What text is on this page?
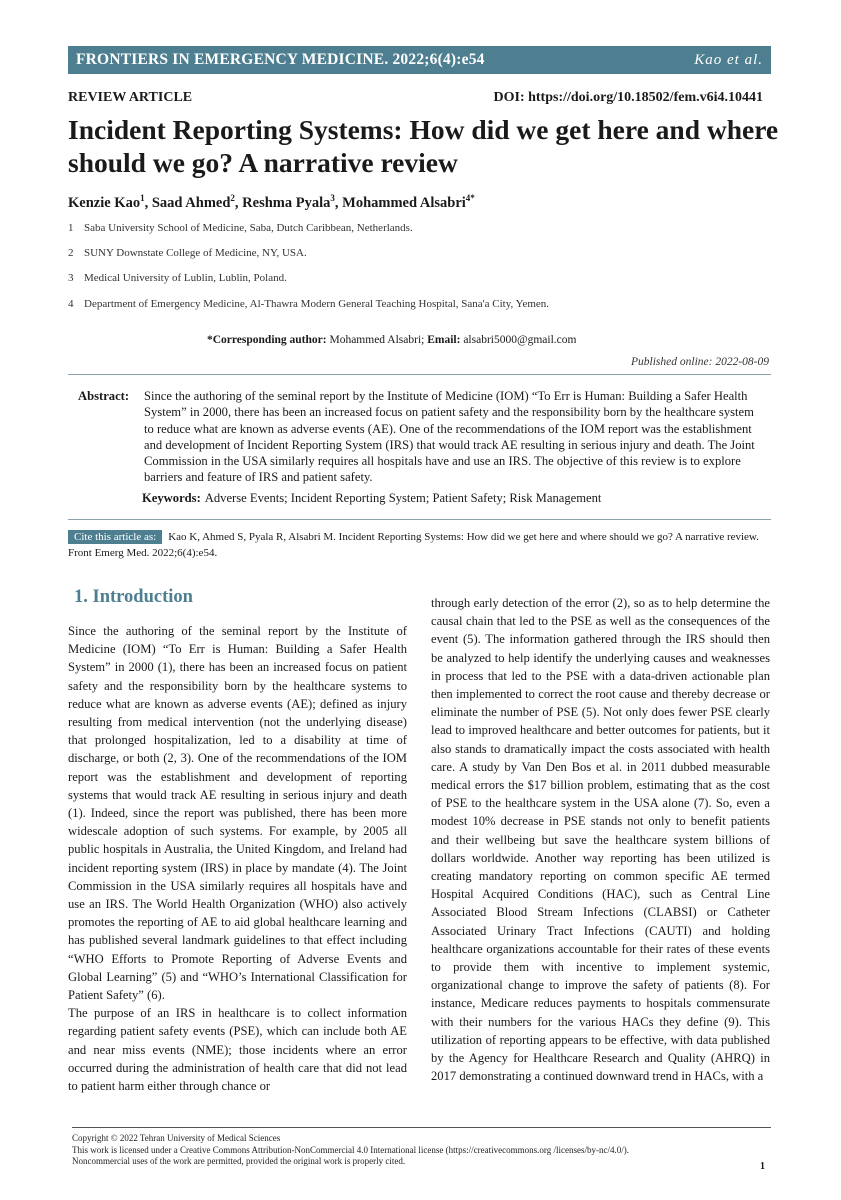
FRONTIERS IN EMERGENCY MEDICINE. 2022;6(4):e54	Kao et al.
REVIEW ARTICLE	DOI: https://doi.org/10.18502/fem.v6i4.10441
Incident Reporting Systems: How did we get here and where should we go? A narrative review
Kenzie Kao$^1$, Saad Ahmed$^2$, Reshma Pyala$^3$, Mohammed Alsabri$^{4*}$
1 Saba University School of Medicine, Saba, Dutch Caribbean, Netherlands.
2 SUNY Downstate College of Medicine, NY, USA.
3 Medical University of Lublin, Lublin, Poland.
4 Department of Emergency Medicine, Al-Thawra Modern General Teaching Hospital, Sana'a City, Yemen.
*Corresponding author: Mohammed Alsabri; Email: alsabri5000@gmail.com
Published online: 2022-08-09
Abstract:	Since the authoring of the seminal report by the Institute of Medicine (IOM) “To Err is Human: Building a Safer Health System” in 2000, there has been an increased focus on patient safety and the responsibility born by the healthcare system to reduce what are known as adverse events (AE). One of the recommendations of the IOM report was the establishment and development of Incident Reporting System (IRS) that would track AE resulting in serious injury and death. The Joint Commission in the USA similarly requires all hospitals have and use an IRS. The objective of this review is to explore barriers and feature of IRS and patient safety.
Keywords: Adverse Events; Incident Reporting System; Patient Safety; Risk Management
Cite this article as: Kao K, Ahmed S, Pyala R, Alsabri M. Incident Reporting Systems: How did we get here and where should we go? A narrative review. Front Emerg Med. 2022;6(4):e54.
1. Introduction

Since the authoring of the seminal report by the Institute of Medicine (IOM) “To Err is Human: Building a Safer Health System” in 2000 (1), there has been an increased focus on patient safety and the responsibility born by the healthcare systems to reduce what are known as adverse events (AE); defined as injury resulting from medical intervention (not the underlying disease) that prolonged hospitalization, led to a disability at time of discharge, or both (2, 3). One of the recommendations of the IOM report was the establishment and development of reporting systems that would track AE resulting in serious injury and death (1). Indeed, since the report was published, there has been more widescale adoption of such systems. For example, by 2005 all public hospitals in Australia, the United Kingdom, and Ireland had incident reporting system (IRS) in place by mandate (4). The Joint Commission in the USA similarly requires all hospitals have and use an IRS. The World Health Organization (WHO) also actively promotes the reporting of AE to aid global healthcare learning and has published several landmark guidelines to that effect including “WHO Efforts to Promote Reporting of Adverse Events and Global Learning” (5) and “WHO’s International Classification for Patient Safety” (6).

The purpose of an IRS in healthcare is to collect information regarding patient safety events (PSE), which can include both AE and near miss events (NME); those incidents where an error occurred during the administration of health care that did not lead to patient harm either through chance or

through early detection of the error (2), so as to help determine the causal chain that led to the PSE as well as the consequences of the event (5). The information gathered through the IRS should then be analyzed to help identify the underlying causes and weaknesses in process that led to the PSE with a data-driven actionable plan then implemented to correct the root cause and thereby decrease or eliminate the number of PSE (5). Not only does fewer PSE clearly lead to improved healthcare and better outcomes for patients, but it also stands to dramatically impact the costs associated with health care. A study by Van Den Bos et al. in 2011 dubbed measurable medical errors the $17 billion problem, estimating that as the cost of PSE to the healthcare system in the USA alone (7). So, even a modest 10% decrease in PSE stands not only to benefit patients and their wellbeing but save the healthcare system billions of dollars worldwide. Another way reporting has been utilized is creating mandatory reporting on common specific AE termed Hospital Acquired Conditions (HAC), such as Central Line Associated Blood Stream Infections (CLABSI) or Catheter Associated Urinary Tract Infections (CAUTI) and holding healthcare organizations accountable for their rates of these events to provide them with incentive to implement systemic, organizational change to improve the safety of patients (8). For instance, Medicare reduces payments to hospitals commensurate with their numbers for the various HACs they define (9). This utilization of reporting appears to be effective, with data published by the Agency for Healthcare Research and Quality (AHRQ) in 2017 demonstrating a continued downward trend in HACs, with a

Copyright © 2022 Tehran University of Medical Sciences
This work is licensed under a Creative Commons Attribution-NonCommercial 4.0 International license (https://creativecommons.org /licenses/by-nc/4.0/).
Noncommercial uses of the work are permitted, provided the original work is properly cited.	1
